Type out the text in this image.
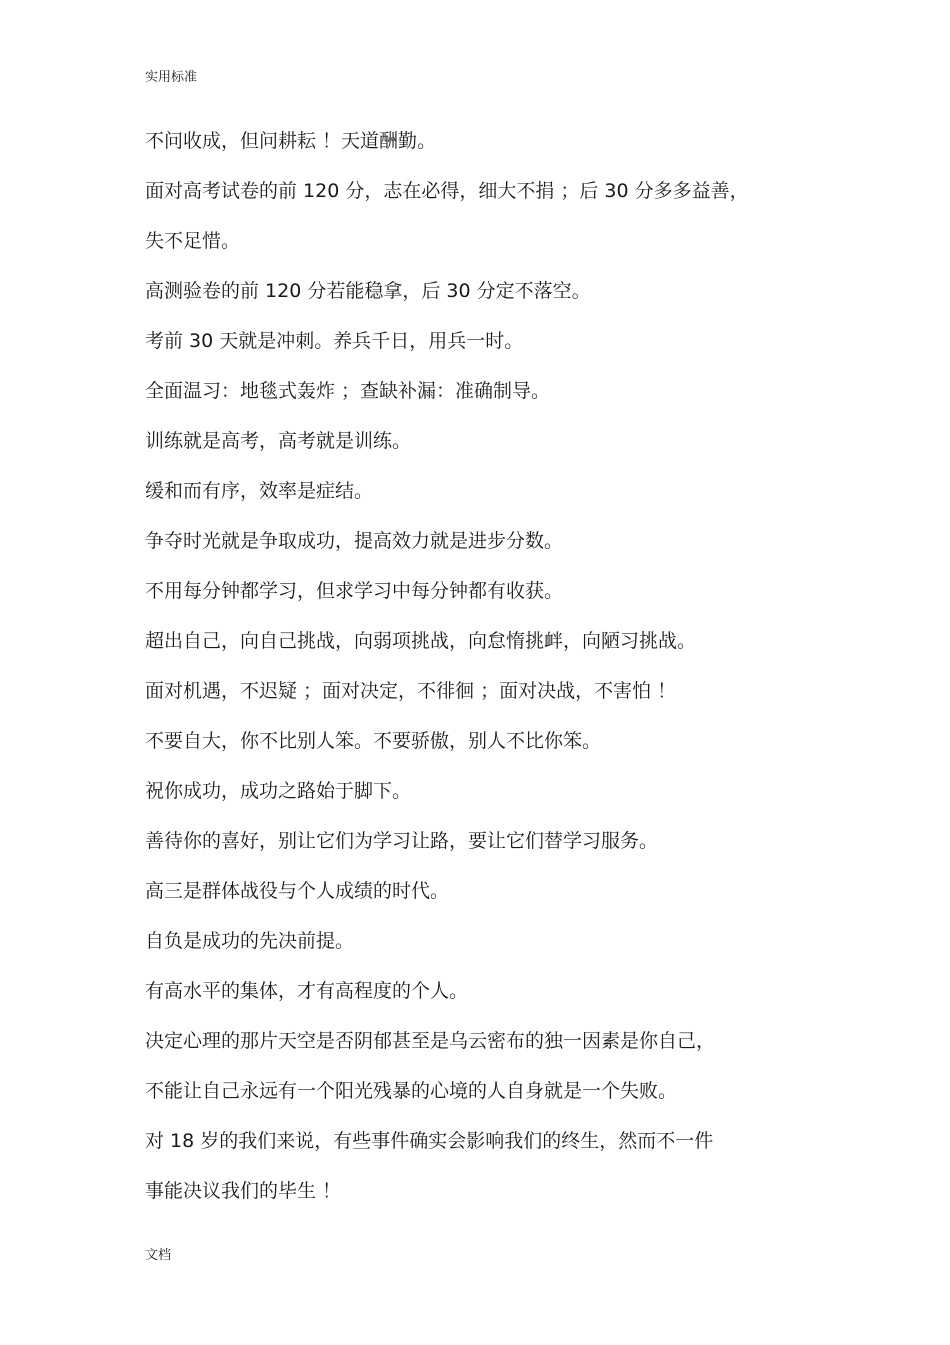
实用标准
不问收成，但问耕耘 ！天道酬勤。
面对高考试卷的前 120 分，志在必得，细大不捐 ；后 30 分多多益善，
失不足惜。
高测验卷的前 120 分若能稳拿，后 30 分定不落空。
考前 30 天就是冲刺。养兵千日，用兵一时。
全面温习：地毯式轰炸 ；查缺补漏：准确制导。
训练就是高考，高考就是训练。
缓和而有序，效率是症结。
争夺时光就是争取成功，提高效力就是进步分数。
不用每分钟都学习，但求学习中每分钟都有收获。
超出自己，向自己挑战，向弱项挑战，向怠惰挑衅，向陋习挑战。
面对机遇，不迟疑 ；面对决定，不徘徊 ；面对决战，不害怕 ！
不要自大，你不比别人笨。不要骄傲，别人不比你笨。
祝你成功，成功之路始于脚下。
善待你的喜好，别让它们为学习让路，要让它们替学习服务。
高三是群体战役与个人成绩的时代。
自负是成功的先决前提。
有高水平的集体，才有高程度的个人。
决定心理的那片天空是否阴郁甚至是乌云密布的独一因素是你自己，
不能让自己永远有一个阳光残暴的心境的人自身就是一个失败。
对 18 岁的我们来说，有些事件确实会影响我们的终生，然而不一件
事能决议我们的毕生 ！
文档
